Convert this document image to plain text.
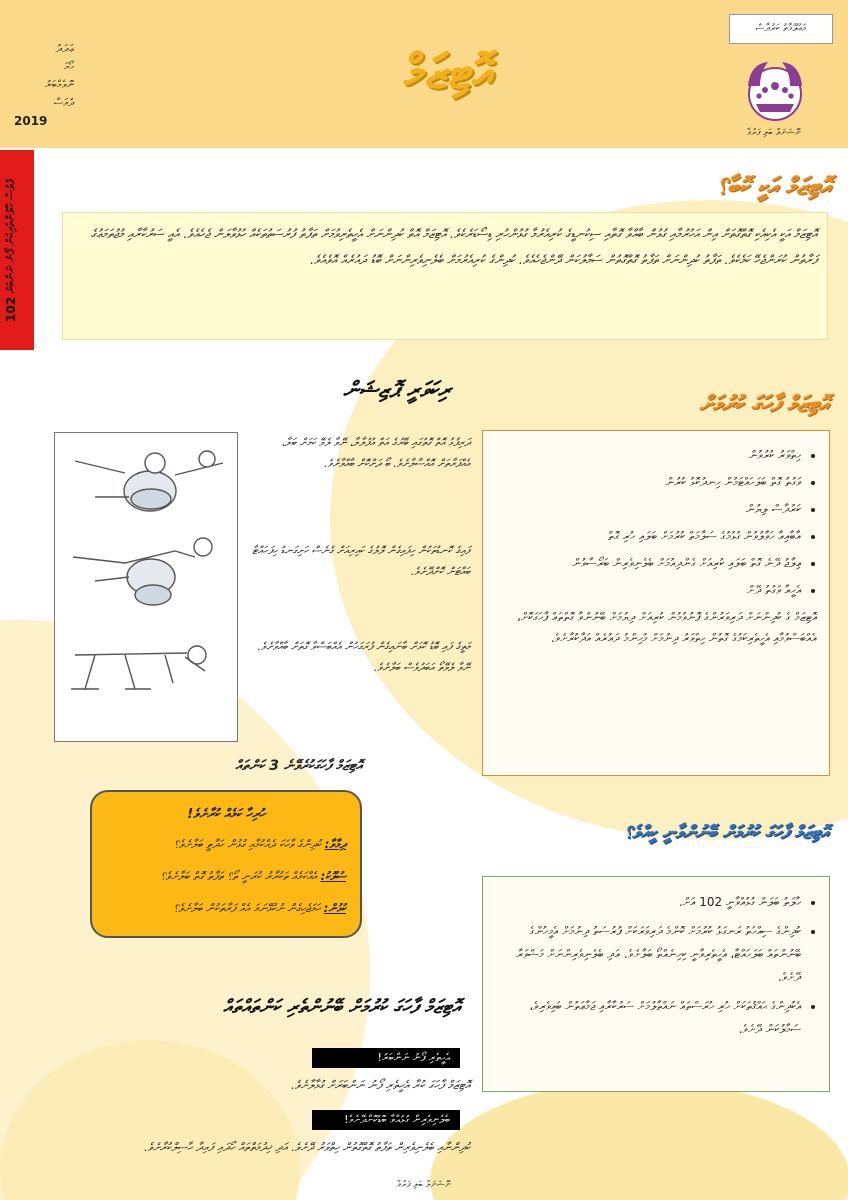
މަޢުލޫމާތު ކަރުދާސް
އޮޓިޒަމް
ނޭޝަނަލް ބަލި ފަރުވާ
ޢަދަދު
ހޯމަ
ނޮވެމްބަރު
ދުވަސް
2019
ފުލުސް ހޭލުންތެރިކަން ފޯނު ނަންބަރު 102
އޮޓިޒަމް އަކީ ކޮބާ؟
އޮޓިޒަމް އަކީ އެކިއެކި ގޮތްގޮތަށް އިން އަހުރުމާއި ގުޅުން ބާއްވާ ގޮތާއި ސިކުނޑީގެ ކުރިއެރުމާ ގުޅުންހުރި ޑިސޯޑަރެކެވެ. އޮޓިޒަމް އޮތް ކުދިންނަށް އެހީތެރިވުމަށް ތަފާތު ފުރުސަތުތަކެއް ހުޅުވާލަން ޖެހެއެވެ. އެއީ ސަރުކާރާއި މުޖުތަމަޢުގެ ފަރާތުން ކުރަންޖެހޭ ކަމެކެވެ. ތަފާތު ކުދިންނަށް ތަފާތު ގޮތްގޮތުން ސަމާލުކަން ދޭންޖެހެއެވެ. ކުދިންގެ ކުރިއެރުމަށް ބެލެނިވެރިންނަށް ބޮޑު ދައުރެއް އޮވެއެވެ.
ރިކަވަރީ ޕޮޒިޝަން
އޮޓިޒަމް ފާހަގަ ކުރުމަށް
ދަރިފުޅު އޮތް ގޮތުގައި ބޭރުގެ އަތް އުފުލާލާ، ނޭވާ ލެވޭ ކަމަށް ބަލާ، އެއްފަރާތަށް އޮއްސާލާށެވެ. ބޯ ދަށްކޮށް ބާއްވާށެވެ.
ފައިގެ ކޮނޑުތަކުން ހިފައިގެން ލޮލުގެ ކައިރިއަށް ގެނެސް ހަށިގަނޑު ހިފަހައްޓާ ބައްޓަން ކޮށްދޭށެވެ.
މަތީގެ ފައި ބޮޑު ކޮޅަށް ބާނައިގެން ފުރަގަހުން އެއްބަސްވާ ގޮތަށް ބާއްވާށެވެ. ނޭވާ ލެވޭތޯ އަބަދުވެސް ބަލާށެވެ.
• ހިތްވަރު ކުރުވުން
• ވަގުތު ގޮތް ބަލަހައްޓަމުން ހިނދުކޮޅު ކުރުން
• ކަރުދާސް ލިޔުން
• އާބާއިއާ ހަވާލުވުން ގުޅުމުގެ ސަލާމަތް ކުރުމަށް ބަލައި ހުރި ގޮތް
• ޢިލާޖު ދޭނެ ގޮތް ބަލައި ކުރިއަށް ގެންދިއުމަށް ބެލެނިވެރިން ބަރޯސާވުން
• އެހީއާ ވަގުތު ދޭށް

އޮޓިޒަމް ގެ ކުދިންނަށް ދަރިވަރުންގެ ފޮނުވުމުން ކުރިއަށް ދިޔުމަށް ބޭނުންވާ ގޮތްތައް ފާހަގަކޮށް، އެއްބަސްވުމާއި އެހީތެރިކަމުގެ ގޮތުން ހިތްވަރު ދިނުމަށް މުހިންމު ދައުރެއް އަދާކުރާށެވެ.

އޮޓިޒަމް ފާހަގަކުރެވޭނެ 3 ކަންތައް
ހުރިހާ ކަމެއް ކުރާށެވެ!
ދިމާވާ: ކުދިންގެ ވާހަކަ ދެއްކުމާއި ގުޅުން ހަދާތީ ބަލާށެވެ؟
ސުލޫކު: އެއްކަމެއް ތަކުރާރު ކުރަނީ ތޯ؟ ތަފާތު ގޮތް ބަލާށެވެ؟
ކުޅުން: ހަމަޖެހިގެން ނުކުޅޭނަމަ އެއް ފަރާތަކުން ބަލާށެވެ؟
އޮޓިޒަމް ފާހަގަ ކުރުމަށް ބޭނުންވާނީ ކީއްވެ؟
• ހާލަތު ބަލަން ގުޅުއްވާނީ 102 އަށް.
• ކުދިންގެ ސިއްހަތު ރަނގަޅު ކުރުމަށް ކޮންމެ ދަރިވަރަކަށް ފުރުސަތު ދިނުމަށް އެމީހުންގެ ބޭނުންތައް ބަލަހައްޓާ، އެހީތެރިވާނީ ކިހިނެއްތޯ ބަލާށެވެ. އަދި ބެލެނިވެރިންނަށް މަޝްވަރާ ދޭށެވެ.
• އެކުދިންގެ ޙައްޤުތަކަށް ހުރި ހުރަސްތައް ނައްތާލުމަށް ސަރުކާރާއި ޖަމާޢަތުން ބައިވެރިވެ، ސަމާލުކަން ދޭށެވެ.
އޮޓިޒަމް ފާހަގަ ކުރުމަށް ބޭނުންތެރި ކަންތައްތައް
އެހީތެރި ފޯނު ނަންބަރު!
އޮޓިޒަމް ފާހަގަ ކުރާ އެހީތެރި ފޯނު ނަންބަރަށް ގުޅާލާށެވެ.
ބެލެނިވެރިން ގުޅުއްވާ ބޮޑުކޮށްދޭށެވެ!
ކުދިންނާއި ބެލެނިވެރިން ތަފާތު ގޮތްގޮތުން ހިތްވަރު ދޭށެވެ. އަދި ޚިދުމަތްތައް ހޯދައި ފައިދާ ހާސިލްކުރާށެވެ.
ނޭޝަނަލް ބަލި ފަރުވާ
